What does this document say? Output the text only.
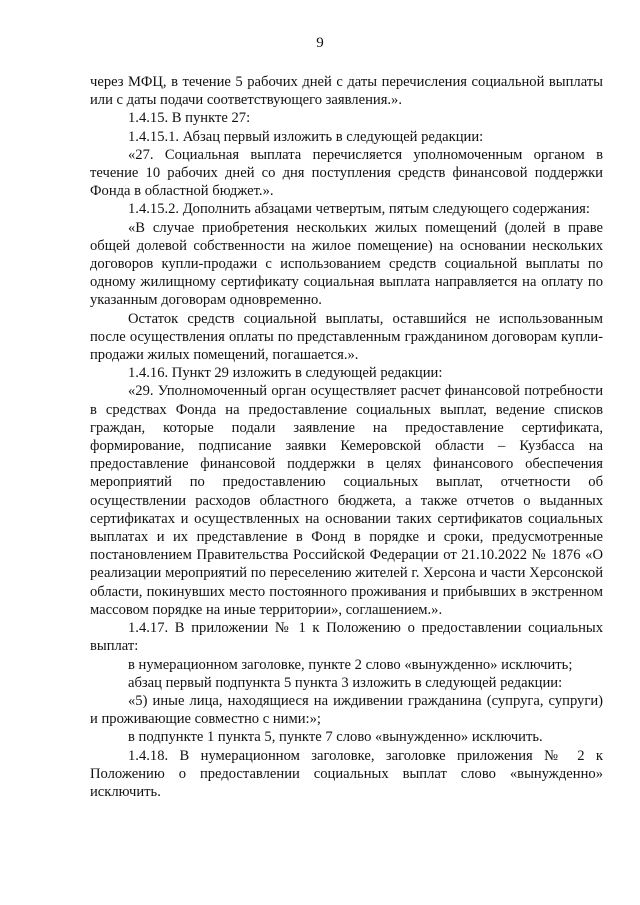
9

через МФЦ, в течение 5 рабочих дней с даты перечисления социальной выплаты или с даты подачи соответствующего заявления.».

1.4.15. В пункте 27:

1.4.15.1. Абзац первый изложить в следующей редакции:

«27. Социальная выплата перечисляется уполномоченным органом в течение 10 рабочих дней со дня поступления средств финансовой поддержки Фонда в областной бюджет.».

1.4.15.2. Дополнить абзацами четвертым, пятым следующего содержания:

«В случае приобретения нескольких жилых помещений (долей в праве общей долевой собственности на жилое помещение) на основании нескольких договоров купли-продажи с использованием средств социальной выплаты по одному жилищному сертификату социальная выплата направляется на оплату по указанным договорам одновременно.

Остаток средств социальной выплаты, оставшийся не использованным после осуществления оплаты по представленным гражданином договорам купли-продажи жилых помещений, погашается.».

1.4.16. Пункт 29 изложить в следующей редакции:

«29. Уполномоченный орган осуществляет расчет финансовой потребности в средствах Фонда на предоставление социальных выплат, ведение списков граждан, которые подали заявление на предоставление сертификата, формирование, подписание заявки Кемеровской области – Кузбасса на предоставление финансовой поддержки в целях финансового обеспечения мероприятий по предоставлению социальных выплат, отчетности об осуществлении расходов областного бюджета, а также отчетов о выданных сертификатах и осуществленных на основании таких сертификатов социальных выплатах и их представление в Фонд в порядке и сроки, предусмотренные постановлением Правительства Российской Федерации от 21.10.2022 № 1876 «О реализации мероприятий по переселению жителей г. Херсона и части Херсонской области, покинувших место постоянного проживания и прибывших в экстренном массовом порядке на иные территории», соглашением.».

1.4.17. В приложении № 1 к Положению о предоставлении социальных выплат:

в нумерационном заголовке, пункте 2 слово «вынужденно» исключить;

абзац первый подпункта 5 пункта 3 изложить в следующей редакции:

«5) иные лица, находящиеся на иждивении гражданина (супруга, супруги) и проживающие совместно с ними:»;

в подпункте 1 пункта 5, пункте 7 слово «вынужденно» исключить.

1.4.18. В нумерационном заголовке, заголовке приложения № 2 к Положению о предоставлении социальных выплат слово «вынужденно» исключить.
